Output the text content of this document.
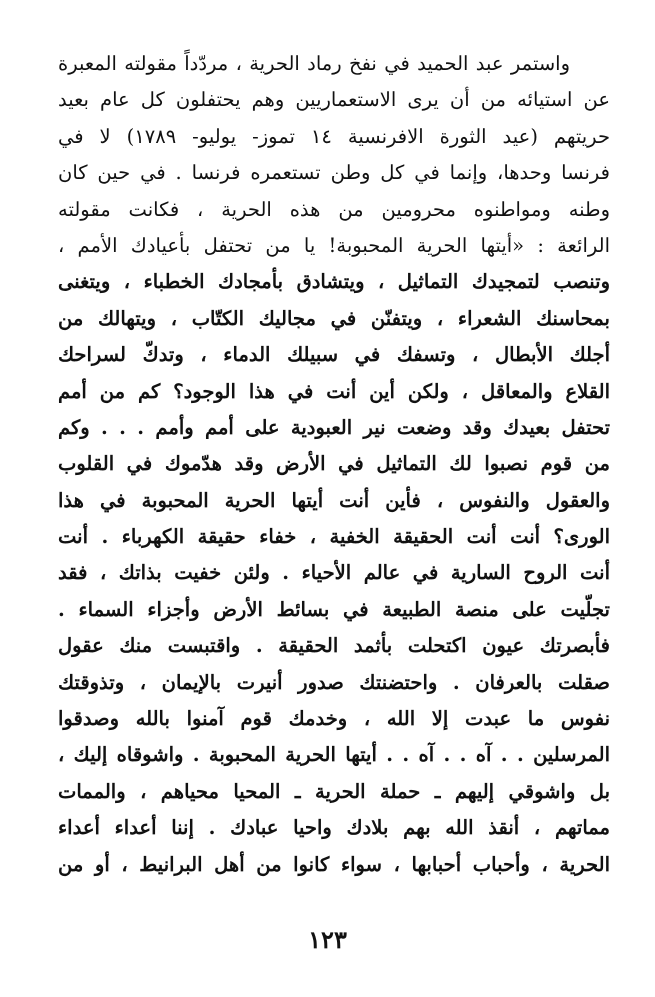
واستمر عبد الحميد في نفخ رماد الحرية ، مردّداً مقولته المعبرة
عن استيائه من أن يرى الاستعماريين وهم يحتفلون كل عام بعيد
حريتهم (عيد الثورة الافرنسية ١٤ تموز- يوليو- ١٧٨٩) لا في
فرنسا وحدها، وإنما في كل وطن تستعمره فرنسا . في حين كان
وطنه ومواطنوه محرومين من هذه الحرية ، فكانت مقولته
الرائعة : «أيتها الحرية المحبوبة! يا من تحتفل بأعيادك الأمم ،
وتنصب لتمجيدك التماثيل ، ويتشادق بأمجادك الخطباء ، ويتغنى
بمحاسنك الشعراء ، ويتفنّن في مجاليك الكتّاب ، ويتهالك من
أجلك الأبطال ، وتسفك في سبيلك الدماء ، وتدكّ لسراحك
القلاع والمعاقل ، ولكن أين أنت في هذا الوجود؟ كم من أمم
تحتفل بعيدك وقد وضعت نير العبودية على أمم وأمم . . . وكم
من قوم نصبوا لك التماثيل في الأرض وقد هدّموك في القلوب
والعقول والنفوس ، فأين أنت أيتها الحرية المحبوبة في هذا
الورى؟ أنت أنت الحقيقة الخفية ، خفاء حقيقة الكهرباء . أنت
أنت الروح السارية في عالم الأحياء . ولئن خفيت بذاتك ، فقد
تجلّيت على منصة الطبيعة في بسائط الأرض وأجزاء السماء .
فأبصرتك عيون اكتحلت بأثمد الحقيقة . واقتبست منك عقول
صقلت بالعرفان . واحتضنتك صدور أنيرت بالإيمان ، وتذوقتك
نفوس ما عبدت إلا الله ، وخدمك قوم آمنوا بالله وصدقوا
المرسلين . . آه . . آه . . أيتها الحرية المحبوبة . واشوقاه إليك ،
بل واشوقي إليهم ـ حملة الحرية ـ المحيا محياهم ، والممات
مماتهم ، أنقذ الله بهم بلادك واحيا عبادك . إننا أعداء أعداء
الحرية ، وأحباب أحبابها ، سواء كانوا من أهل البرانيط ، أو من
١٢٣
